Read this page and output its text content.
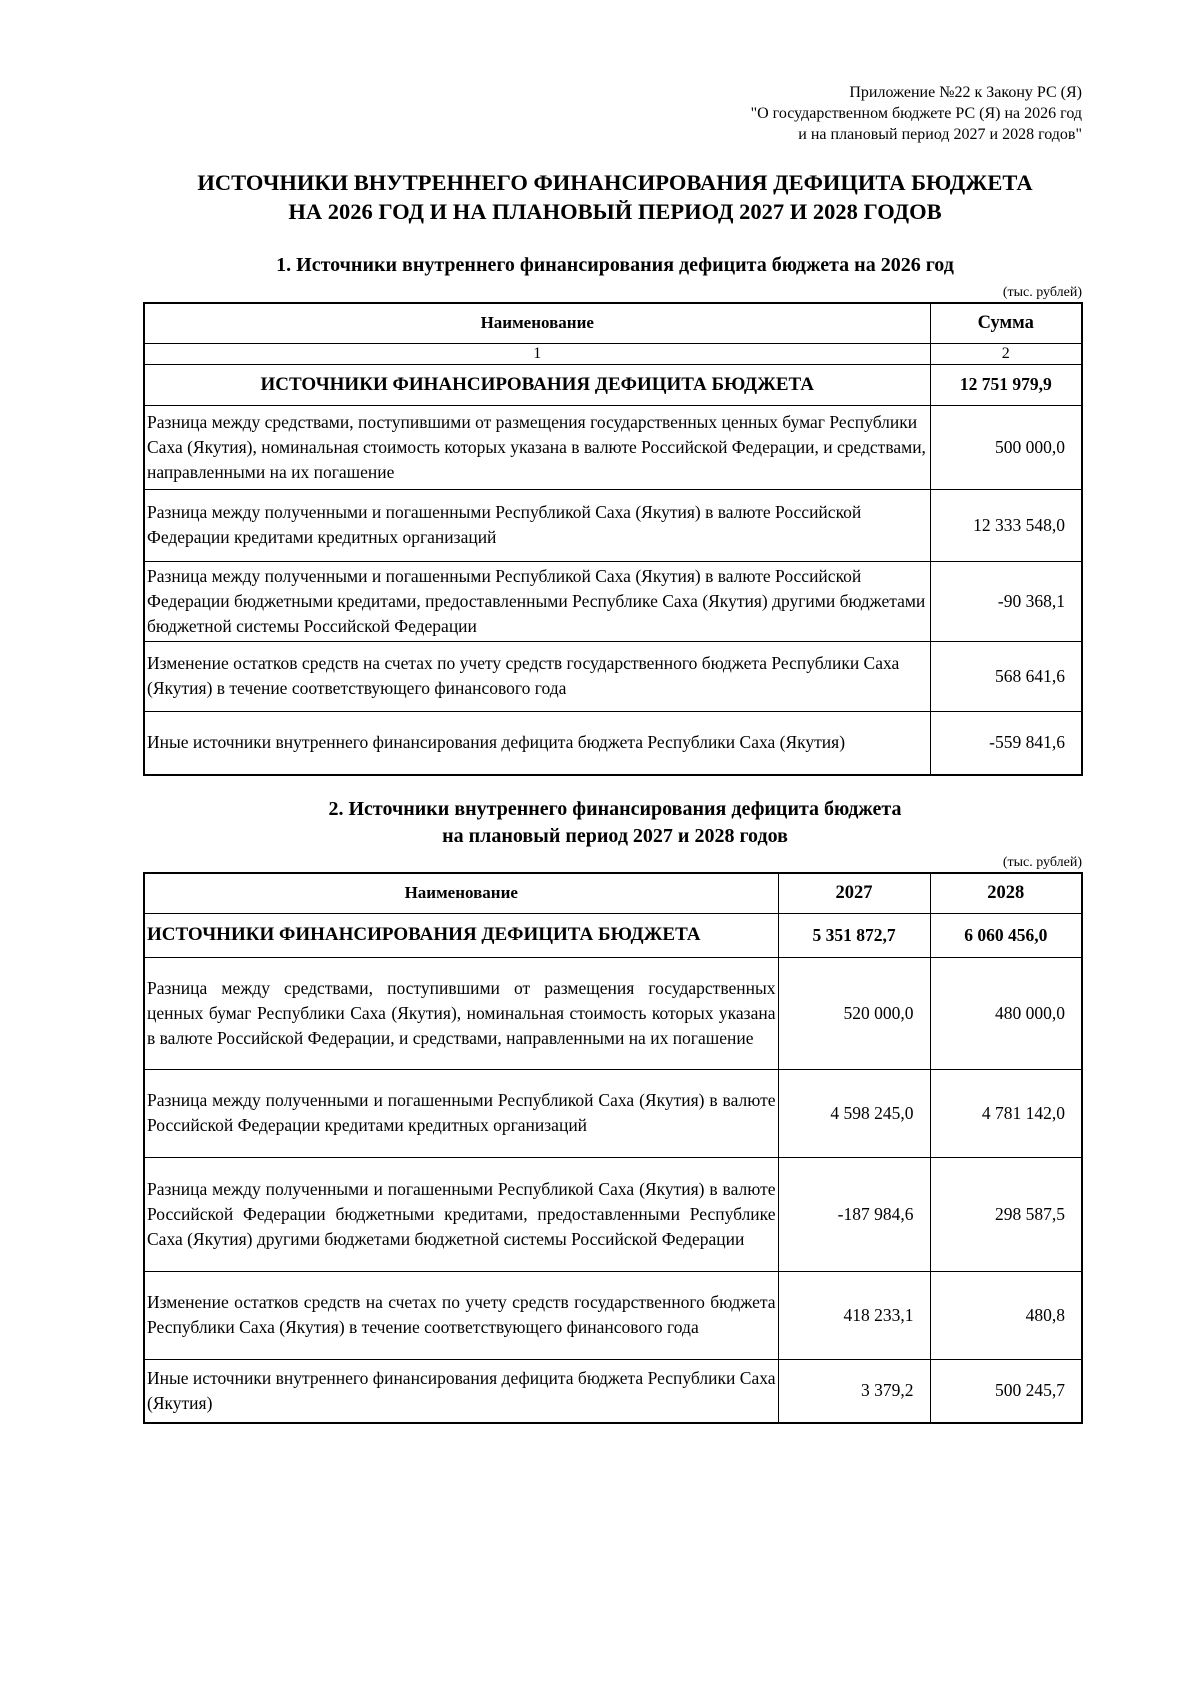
Приложение №22 к Закону РС (Я)
"О государственном бюджете РС (Я) на 2026 год
и на плановый период 2027 и 2028 годов"
ИСТОЧНИКИ ВНУТРЕННЕГО ФИНАНСИРОВАНИЯ ДЕФИЦИТА БЮДЖЕТА
НА 2026 ГОД И НА ПЛАНОВЫЙ ПЕРИОД 2027 И 2028 ГОДОВ
1. Источники внутреннего финансирования дефицита бюджета на 2026 год
(тыс. рублей)
Наименование	Сумма
1	2
ИСТОЧНИКИ ФИНАНСИРОВАНИЯ ДЕФИЦИТА БЮДЖЕТА	12 751 979,9
Разница между средствами, поступившими от размещения государственных ценных бумаг Республики Саха (Якутия), номинальная стоимость которых указана в валюте Российской Федерации, и средствами, направленными на их погашение	500 000,0
Разница между полученными и погашенными Республикой Саха (Якутия) в валюте Российской Федерации кредитами кредитных организаций	12 333 548,0
Разница между полученными и погашенными Республикой Саха (Якутия) в валюте Российской Федерации бюджетными кредитами, предоставленными Республике Саха (Якутия) другими бюджетами бюджетной системы Российской Федерации	-90 368,1
Изменение остатков средств на счетах по учету средств государственного бюджета Республики Саха (Якутия) в течение соответствующего финансового года	568 641,6
Иные источники внутреннего финансирования дефицита бюджета Республики Саха (Якутия)	-559 841,6
2. Источники внутреннего финансирования дефицита бюджета
на плановый период 2027 и 2028 годов
(тыс. рублей)
Наименование	2027	2028
ИСТОЧНИКИ ФИНАНСИРОВАНИЯ ДЕФИЦИТА БЮДЖЕТА	5 351 872,7	6 060 456,0
Разница между средствами, поступившими от размещения государственных ценных бумаг Республики Саха (Якутия), номинальная стоимость которых указана в валюте Российской Федерации, и средствами, направленными на их погашение	520 000,0	480 000,0
Разница между полученными и погашенными Республикой Саха (Якутия) в валюте Российской Федерации кредитами кредитных организаций	4 598 245,0	4 781 142,0
Разница между полученными и погашенными Республикой Саха (Якутия) в валюте Российской Федерации бюджетными кредитами, предоставленными Республике Саха (Якутия) другими бюджетами бюджетной системы Российской Федерации	-187 984,6	298 587,5
Изменение остатков средств на счетах по учету средств государственного бюджета Республики Саха (Якутия) в течение соответствующего финансового года	418 233,1	480,8
Иные источники внутреннего финансирования дефицита бюджета Республики Саха (Якутия)	3 379,2	500 245,7
